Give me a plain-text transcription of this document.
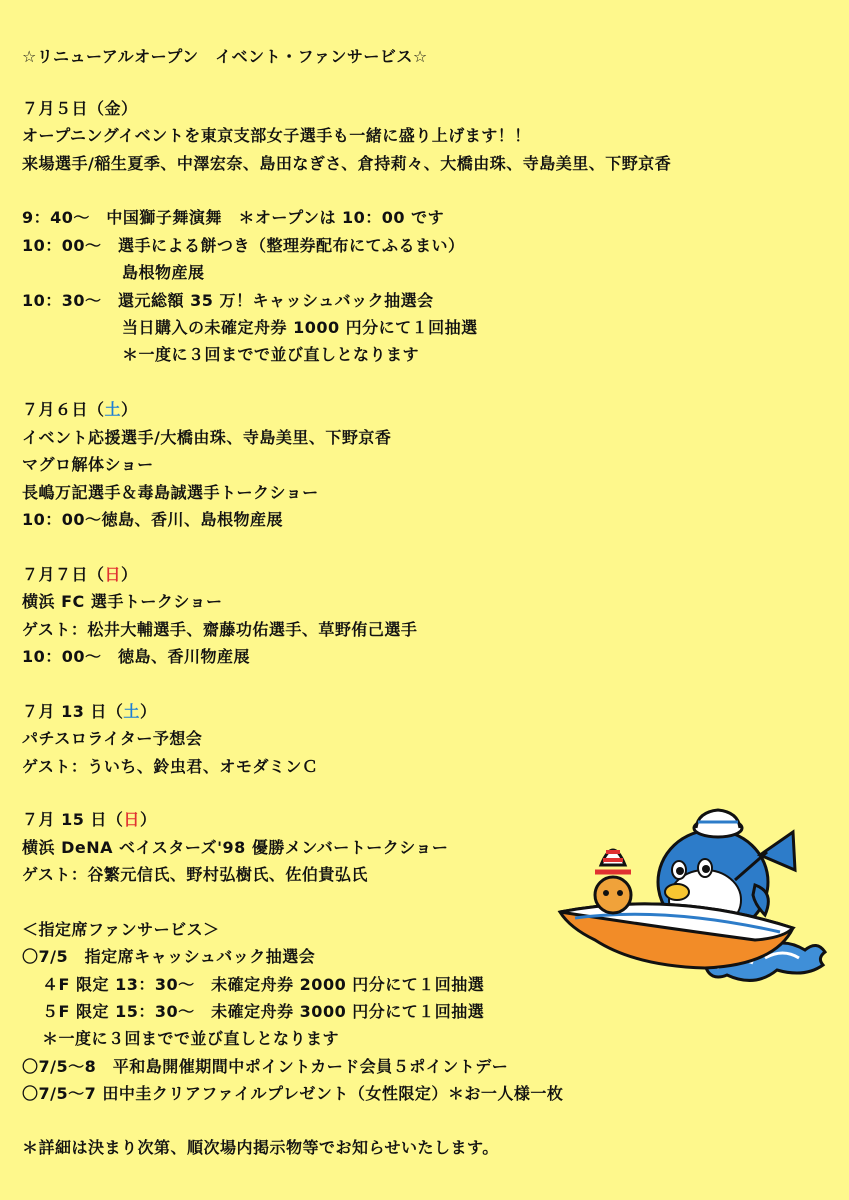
☆リニューアルオープン　イベント・ファンサービス☆
７月５日（金）
オープニングイベントを東京支部女子選手も一緒に盛り上げます！！
来場選手/稲生夏季、中澤宏奈、島田なぎさ、倉持莉々、大橋由珠、寺島美里、下野京香
9：40～　中国獅子舞演舞　＊オープンは 10：00 です
10：00～　選手による餅つき（整理券配布にてふるまい）
島根物産展
10：30～　還元総額 35 万！キャッシュバック抽選会
当日購入の未確定舟券 1000 円分にて１回抽選
＊一度に３回までで並び直しとなります
７月６日（土）
イベント応援選手/大橋由珠、寺島美里、下野京香
マグロ解体ショー
長嶋万記選手＆毒島誠選手トークショー
10：00～徳島、香川、島根物産展
７月７日（日）
横浜 FC 選手トークショー
ゲスト：松井大輔選手、齋藤功佑選手、草野侑己選手
10：00～　徳島、香川物産展
７月 13 日（土）
パチスロライター予想会
ゲスト：ういち、鈴虫君、オモダミンＣ
７月 15 日（日）
横浜 DeNA ベイスターズ'98 優勝メンバートークショー
ゲスト：谷繁元信氏、野村弘樹氏、佐伯貴弘氏
＜指定席ファンサービス＞
〇7/5　指定席キャッシュバック抽選会
４F 限定 13：30～　未確定舟券 2000 円分にて１回抽選
５F 限定 15：30～　未確定舟券 3000 円分にて１回抽選
＊一度に３回までで並び直しとなります
〇7/5～8　平和島開催期間中ポイントカード会員５ポイントデー
〇7/5～7 田中圭クリアファイルプレゼント（女性限定）＊お一人様一枚
＊詳細は決まり次第、順次場内掲示物等でお知らせいたします。
